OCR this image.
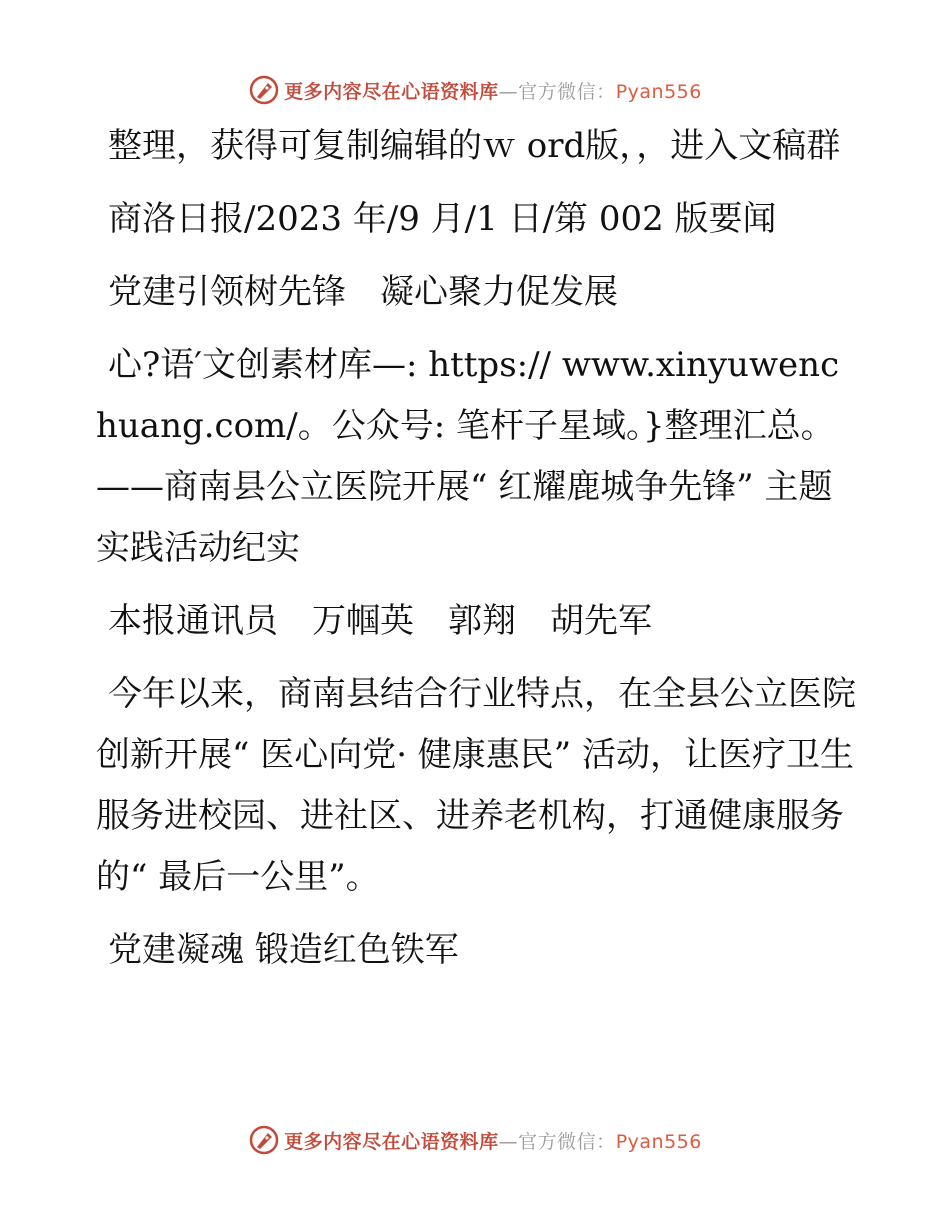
更多内容尽在心语资料库—官方微信：Pyan556

整理，获得可复制编辑的ｗ ord版，，进入文稿群

商洛日报/2023 年/9 月/1 日/第 002 版要闻

党建引领树先锋　凝心聚力促发展

心?语′文创素材库—: https:// www.xinyuwenchuang.com/。公众号: 笔杆子星域。}整理汇总。——商南县公立医院开展“ 红耀鹿城争先锋” 主题实践活动纪实

本报通讯员　万帼英　郭翔　胡先军

今年以来，商南县结合行业特点，在全县公立医院创新开展“ 医心向党· 健康惠民” 活动，让医疗卫生服务进校园、进社区、进养老机构，打通健康服务的“ 最后一公里”。

党建凝魂 锻造红色铁军

更多内容尽在心语资料库—官方微信：Pyan556
